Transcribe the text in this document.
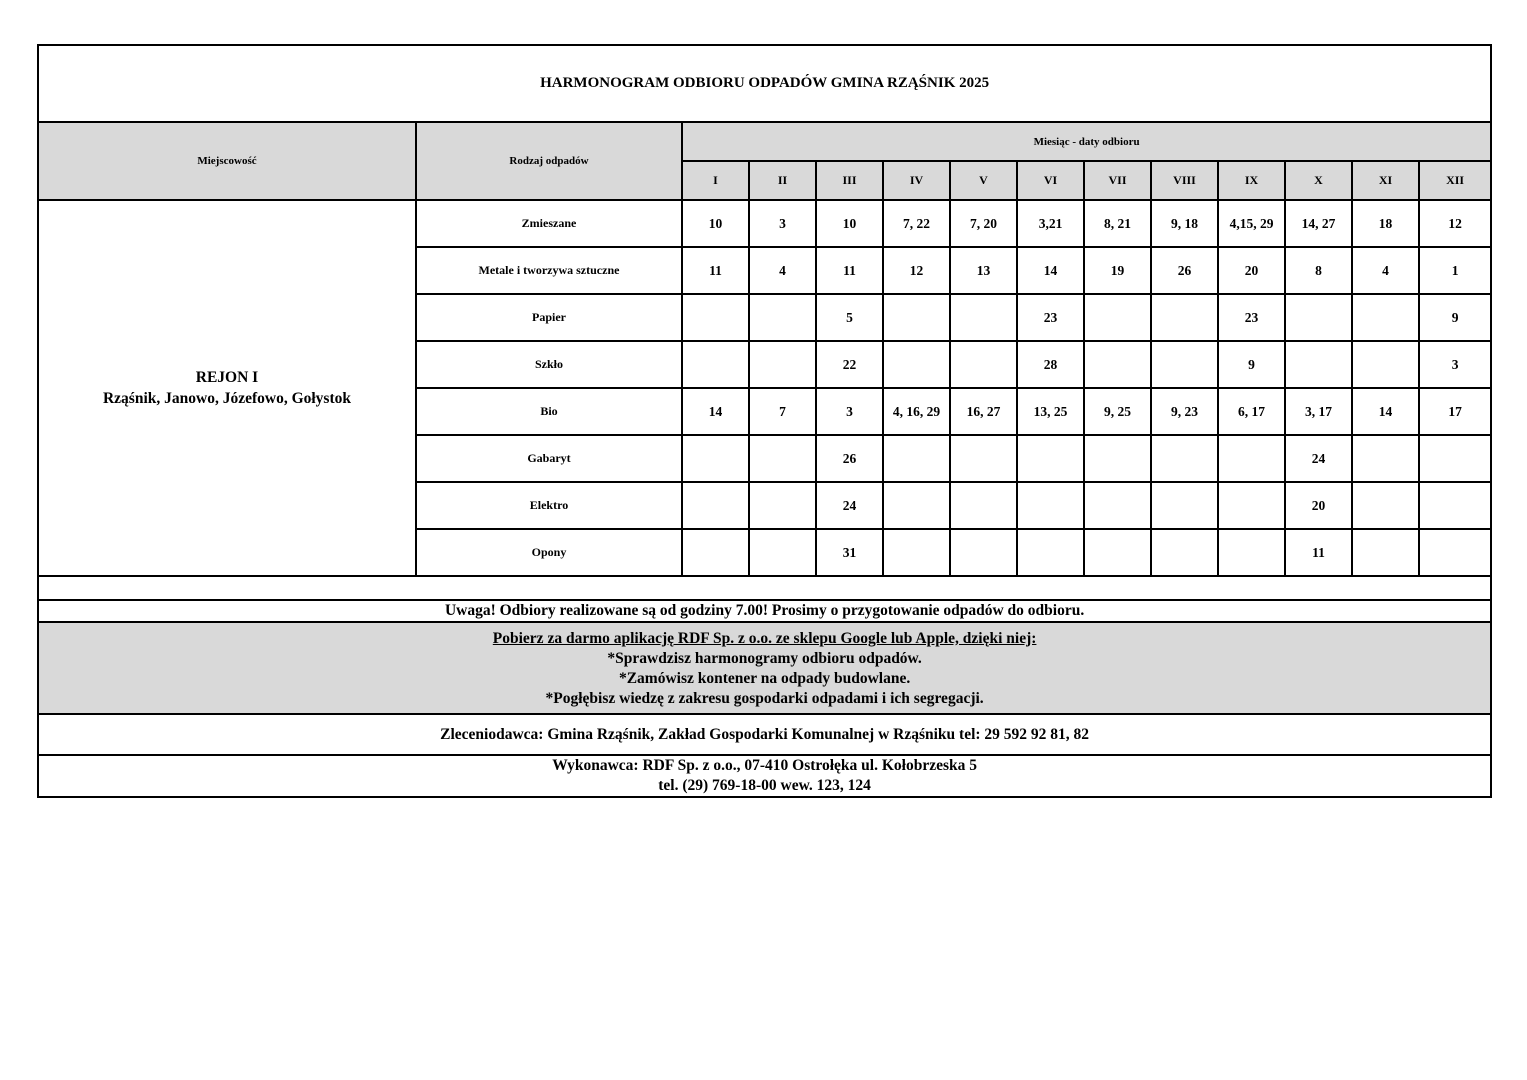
HARMONOGRAM ODBIORU ODPADÓW GMINA RZĄŚNIK 2025													
Miejscowość	Rodzaj odpadów	Miesiąc - daty odbioru											
		I	II	III	IV	V	VI	VII	VIII	IX	X	XI	XII

REJON I
Rząśnik, Janowo, Józefowo, Gołystok	Zmieszane	10	3	10	7, 22	7, 20	3,21	8, 21	9, 18	4,15, 29	14, 27	18	12
	Metale i tworzywa sztuczne	11	4	11	12	13	14	19	26	20	8	4	1
	Papier			5			23			23			9
	Szkło			22			28			9			3
	Bio	14	7	3	4, 16, 29	16, 27	13, 25	9, 25	9, 23	6, 17	3, 17	14	17
	Gabaryt			26							24		
	Elektro			24							20		
	Opony			31							11		

Uwaga! Odbiory realizowane są od godziny 7.00! Prosimy o przygotowanie odpadów do odbioru.													

Pobierz za darmo aplikację RDF Sp. z o.o. ze sklepu Google lub Apple, dzięki niej:
*Sprawdzisz harmonogramy odbioru odpadów.
*Zamówisz kontener na odpady budowlane.
*Pogłębisz wiedzę z zakresu gospodarki odpadami i ich segregacji.													

Zleceniodawca: Gmina Rząśnik, Zakład Gospodarki Komunalnej w Rząśniku tel: 29 592 92 81, 82													

Wykonawca: RDF Sp. z o.o., 07-410 Ostrołęka ul. Kołobrzeska 5
tel. (29) 769-18-00 wew. 123, 124													
